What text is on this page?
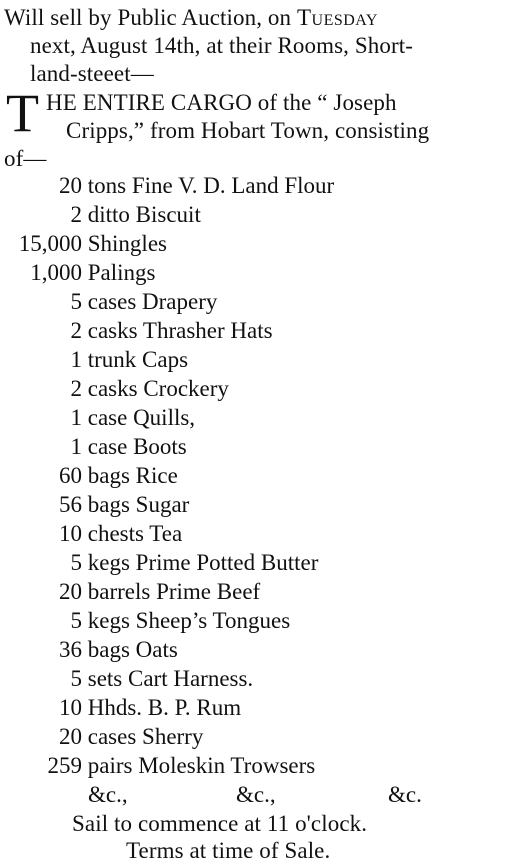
Will sell by Public Auction, on Tuesday
next, August 14th, at their Rooms, Short-
land-steeet—
T HE ENTIRE CARGO of the “ Joseph
Cripps,” from Hobart Town, consisting
of—
20 tons Fine V. D. Land Flour
2 ditto Biscuit
15,000 Shingles
1,000 Palings
5 cases Drapery
2 casks Thrasher Hats
1 trunk Caps
2 casks Crockery
1 case Quills,
1 case Boots
60 bags Rice
56 bags Sugar
10 chests Tea
5 kegs Prime Potted Butter
20 barrels Prime Beef
5 kegs Sheep’s Tongues
36 bags Oats
5 sets Cart Harness.
10 Hhds. B. P. Rum
20 cases Sherry
259 pairs Moleskin Trowsers
&c.,	&c.,	&c.
Sail to commence at 11 o'clock.
Terms at time of Sale.
